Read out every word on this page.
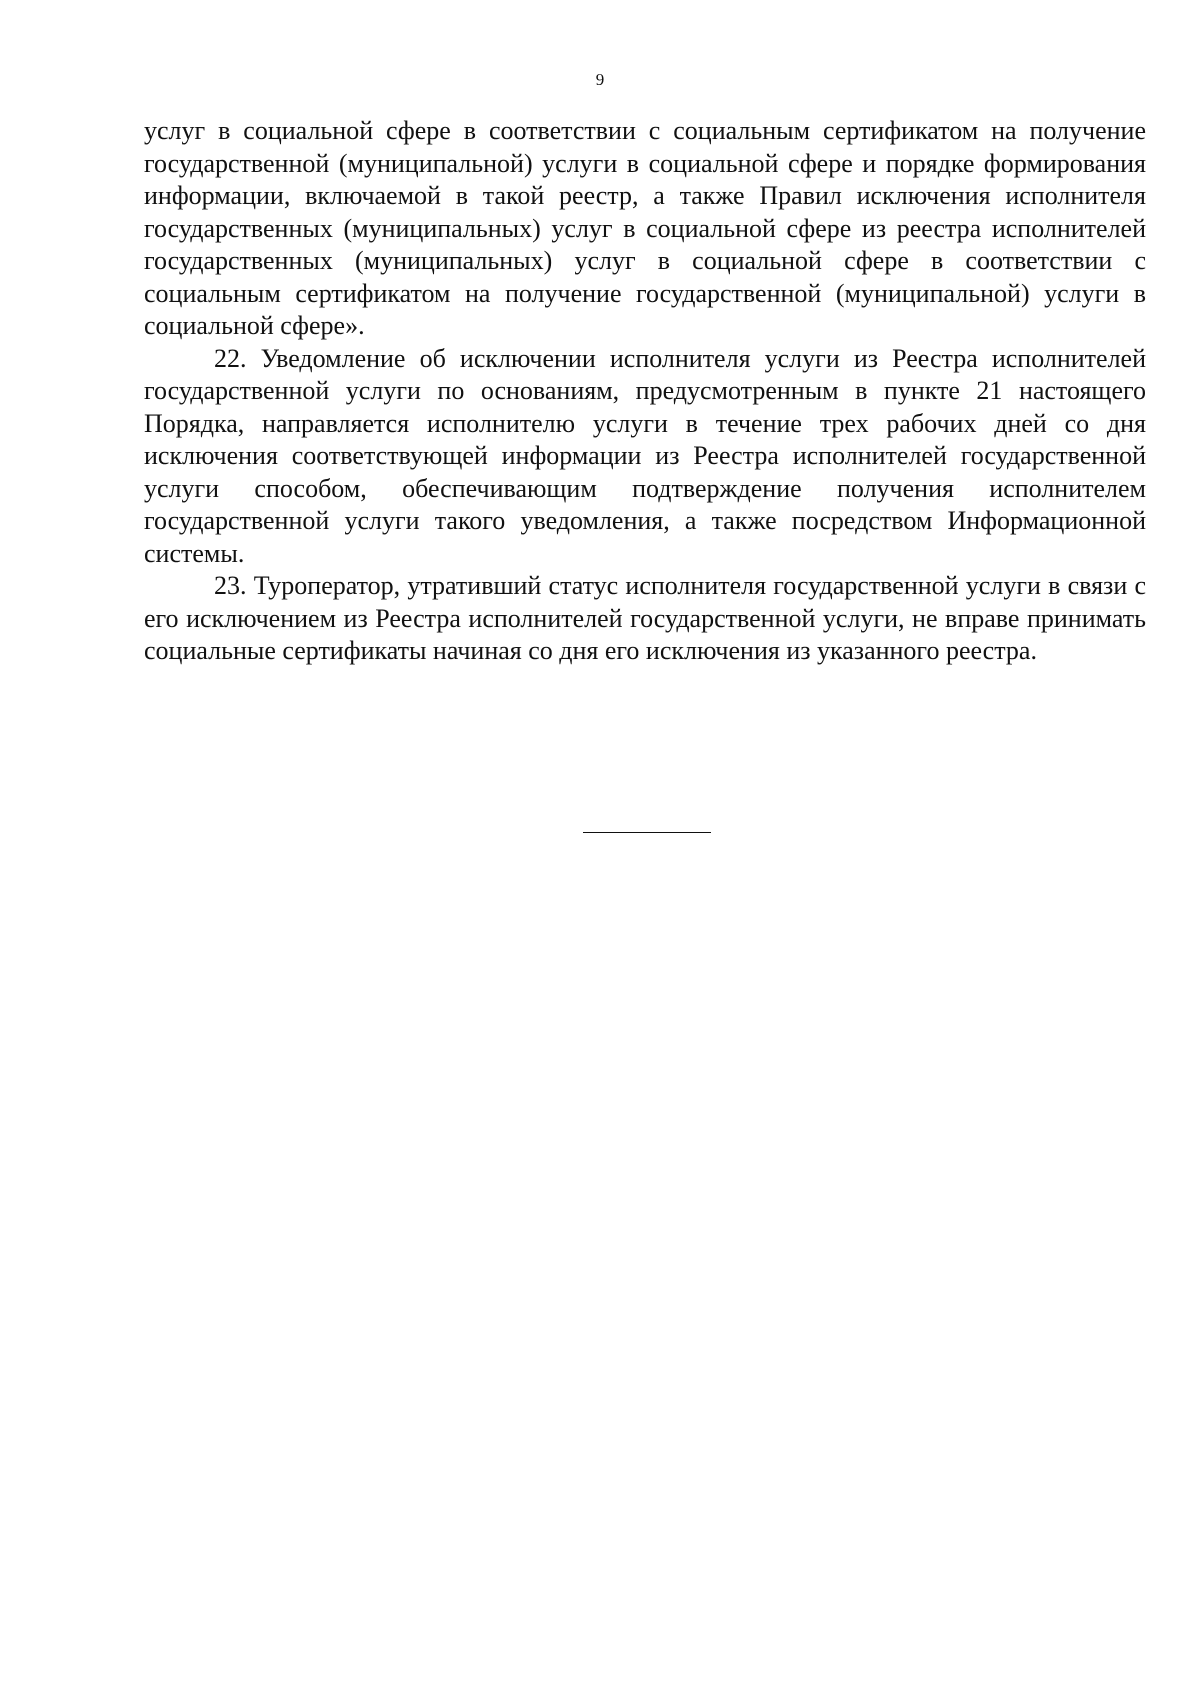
9

услуг в социальной сфере в соответствии с социальным сертификатом на получение государственной (муниципальной) услуги в социальной сфере и порядке формирования информации, включаемой в такой реестр, а также Правил исключения исполнителя государственных (муниципальных) услуг в социальной сфере из реестра исполнителей государственных (муниципальных) услуг в социальной сфере в соответствии с социальным сертификатом на получение государственной (муниципальной) услуги в социальной сфере».

22. Уведомление об исключении исполнителя услуги из Реестра исполнителей государственной услуги по основаниям, предусмотренным в пункте 21 настоящего Порядка, направляется исполнителю услуги в течение трех рабочих дней со дня исключения соответствующей информации из Реестра исполнителей государственной услуги способом, обеспечивающим подтверждение получения исполнителем государственной услуги такого уведомления, а также посредством Информационной системы.

23. Туроператор, утративший статус исполнителя государственной услуги в связи с его исключением из Реестра исполнителей государственной услуги, не вправе принимать социальные сертификаты начиная со дня его исключения из указанного реестра.
